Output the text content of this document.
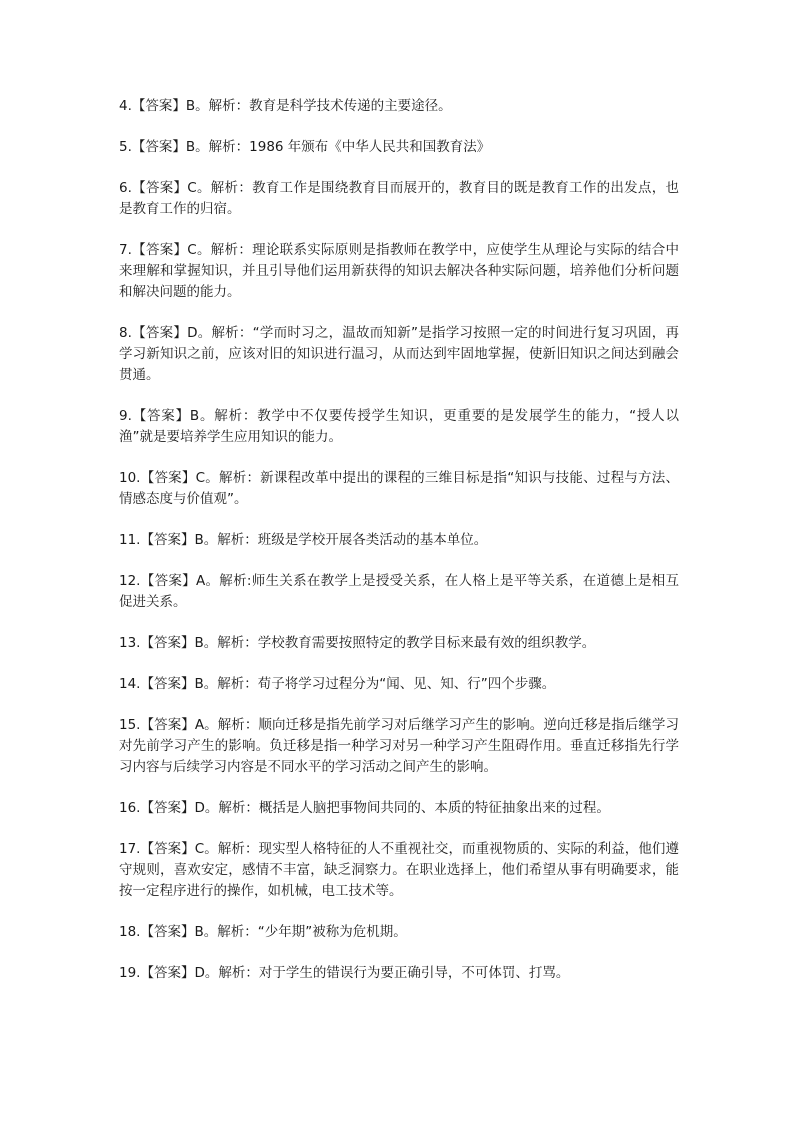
4.【答案】B。解析：教育是科学技术传递的主要途径。

5.【答案】B。解析：1986 年颁布《中华人民共和国教育法》

6.【答案】C。解析：教育工作是围绕教育目而展开的，教育目的既是教育工作的出发点，也是教育工作的归宿。

7.【答案】C。解析：理论联系实际原则是指教师在教学中，应使学生从理论与实际的结合中来理解和掌握知识，并且引导他们运用新获得的知识去解决各种实际问题，培养他们分析问题和解决问题的能力。

8.【答案】D。解析：“学而时习之，温故而知新”是指学习按照一定的时间进行复习巩固，再学习新知识之前，应该对旧的知识进行温习，从而达到牢固地掌握，使新旧知识之间达到融会贯通。

9.【答案】B。解析：教学中不仅要传授学生知识，更重要的是发展学生的能力，“授人以渔”就是要培养学生应用知识的能力。

10.【答案】C。解析：新课程改革中提出的课程的三维目标是指“知识与技能、过程与方法、情感态度与价值观”。

11.【答案】B。解析：班级是学校开展各类活动的基本单位。

12.【答案】A。解析:师生关系在教学上是授受关系，在人格上是平等关系，在道德上是相互促进关系。

13.【答案】B。解析：学校教育需要按照特定的教学目标来最有效的组织教学。

14.【答案】B。解析：荀子将学习过程分为“闻、见、知、行”四个步骤。

15.【答案】A。解析：顺向迁移是指先前学习对后继学习产生的影响。逆向迁移是指后继学习对先前学习产生的影响。负迁移是指一种学习对另一种学习产生阻碍作用。垂直迁移指先行学习内容与后续学习内容是不同水平的学习活动之间产生的影响。

16.【答案】D。解析：概括是人脑把事物间共同的、本质的特征抽象出来的过程。

17.【答案】C。解析：现实型人格特征的人不重视社交，而重视物质的、实际的利益，他们遵守规则，喜欢安定，感情不丰富，缺乏洞察力。在职业选择上，他们希望从事有明确要求，能按一定程序进行的操作，如机械，电工技术等。

18.【答案】B。解析：“少年期”被称为危机期。

19.【答案】D。解析：对于学生的错误行为要正确引导，不可体罚、打骂。
